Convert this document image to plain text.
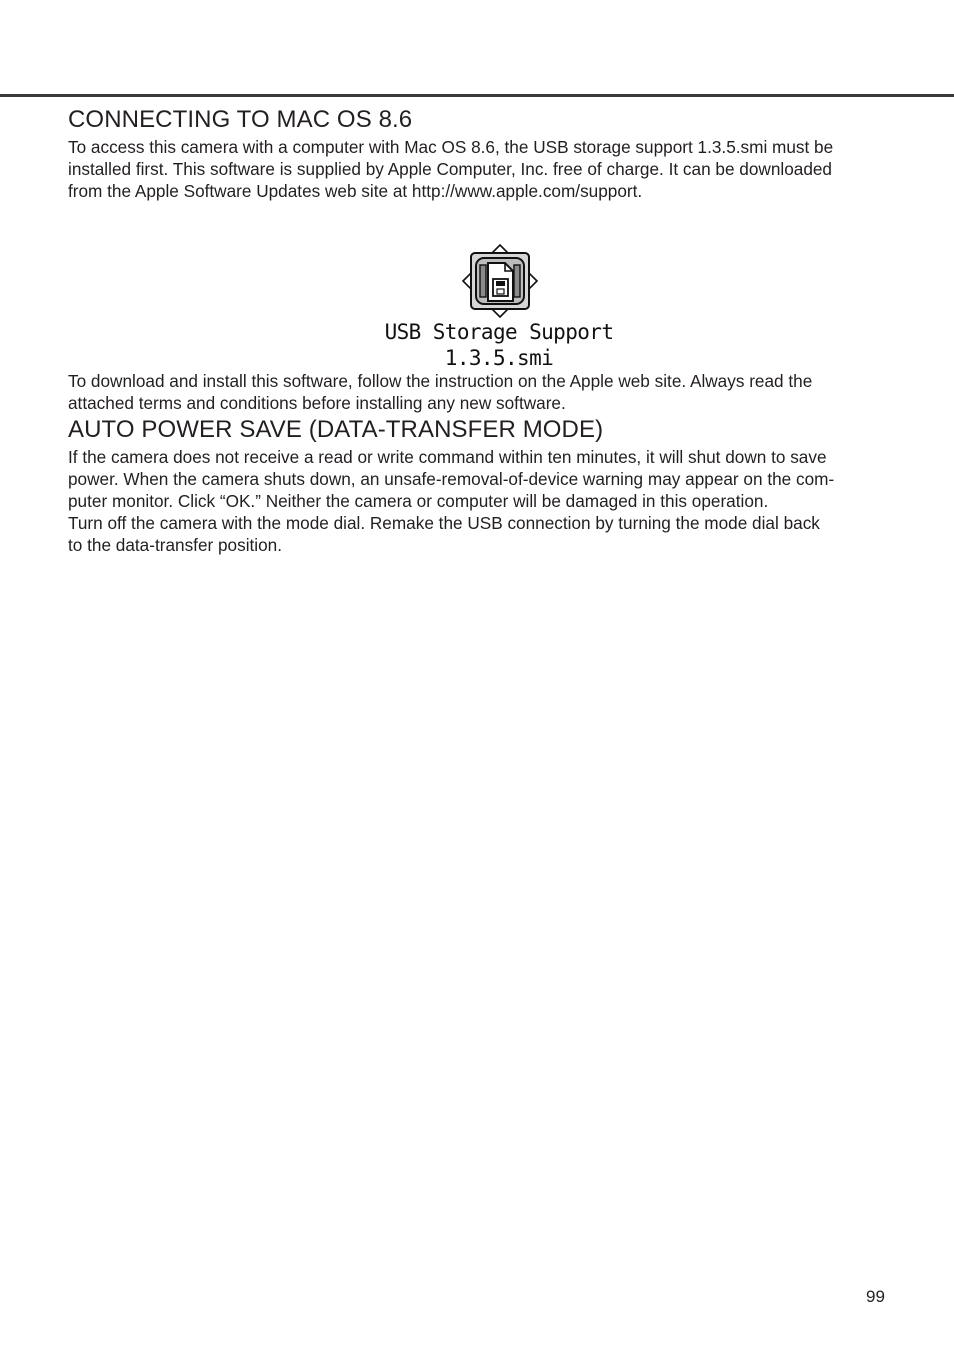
CONNECTING TO MAC OS 8.6

To access this camera with a computer with Mac OS 8.6, the USB storage support 1.3.5.smi must be
installed first. This software is supplied by Apple Computer, Inc. free of charge. It can be downloaded
from the Apple Software Updates web site at http://www.apple.com/support.

USB Storage Support 1.3.5.smi

To download and install this software, follow the instruction on the Apple web site. Always read the
attached terms and conditions before installing any new software.

AUTO POWER SAVE (DATA-TRANSFER MODE)

If the camera does not receive a read or write command within ten minutes, it will shut down to save
power. When the camera shuts down, an unsafe-removal-of-device warning may appear on the com-
puter monitor. Click “OK.” Neither the camera or computer will be damaged in this operation.

Turn off the camera with the mode dial. Remake the USB connection by turning the mode dial back
to the data-transfer position.

99
